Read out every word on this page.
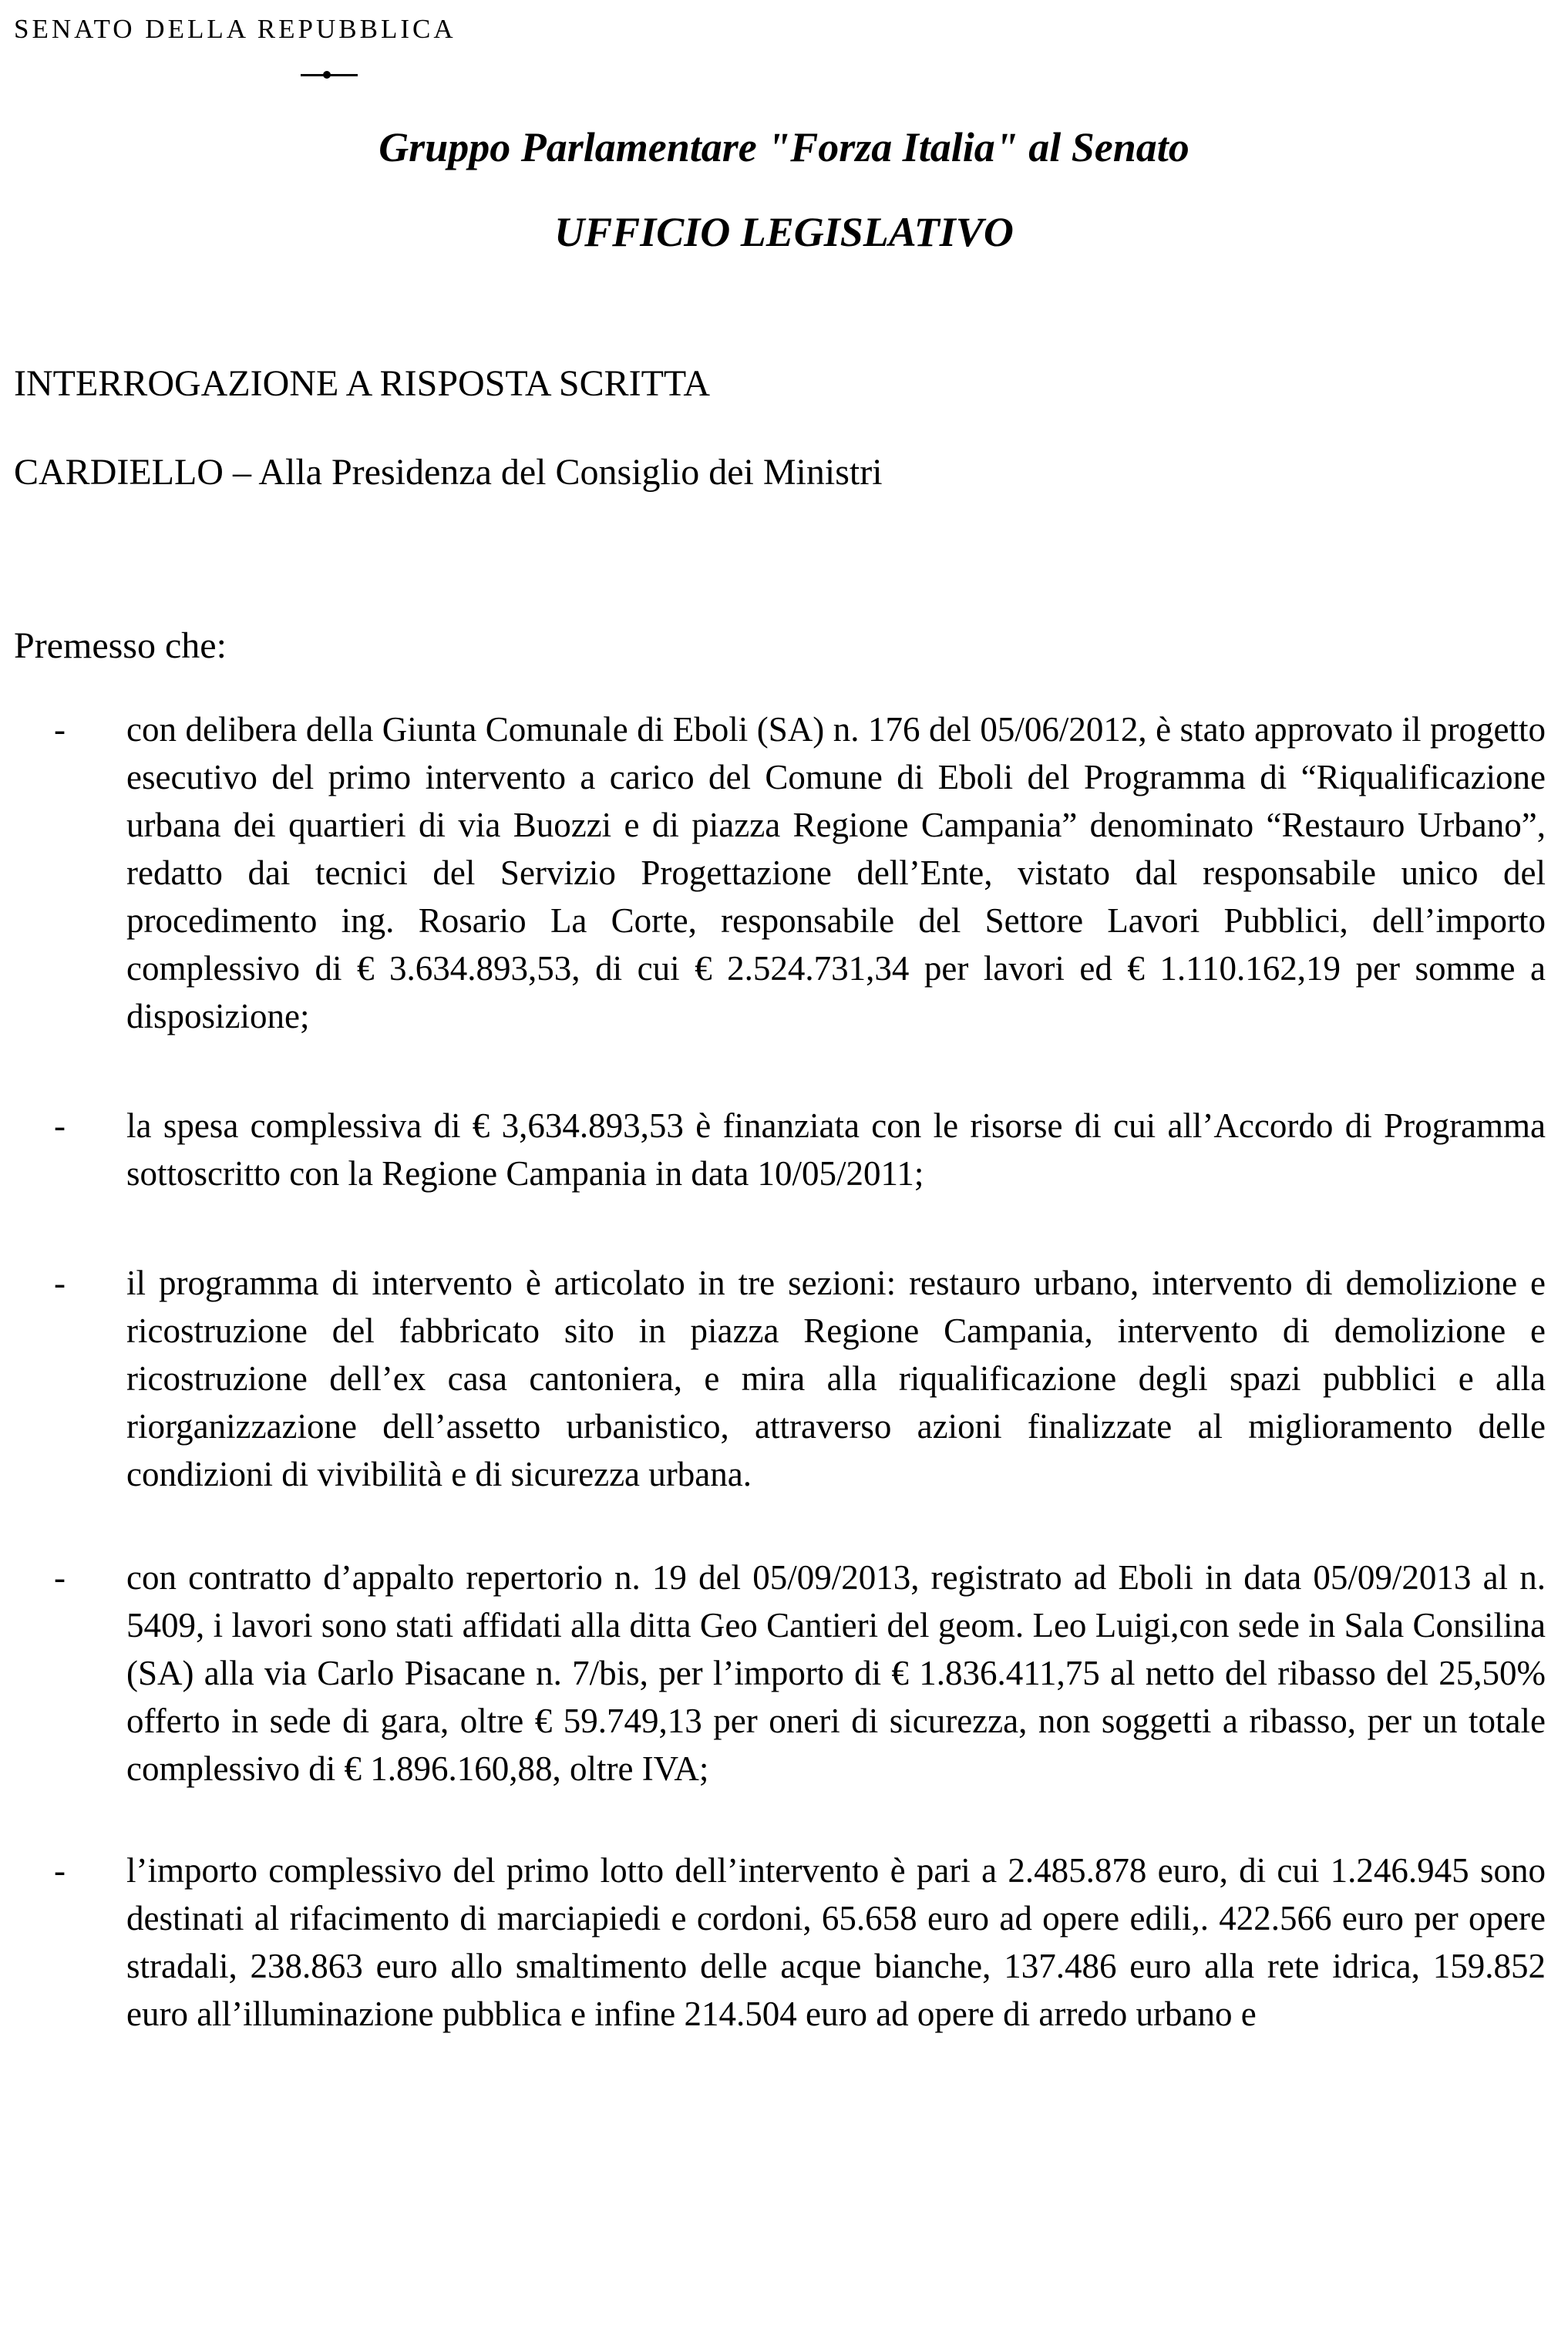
SENATO DELLA REPUBBLICA
Gruppo Parlamentare "Forza Italia" al Senato
UFFICIO LEGISLATIVO
INTERROGAZIONE A RISPOSTA SCRITTA
CARDIELLO – Alla Presidenza del Consiglio dei Ministri
Premesso che:
-	con delibera della Giunta Comunale di Eboli (SA) n. 176 del 05/06/2012, è stato approvato il progetto esecutivo del primo intervento a carico del Comune di Eboli del Programma di “Riqualificazione urbana dei quartieri di via Buozzi e di piazza Regione Campania” denominato “Restauro Urbano”, redatto dai tecnici del Servizio Progettazione dell’Ente, vistato dal responsabile unico del procedimento ing. Rosario La Corte, responsabile del Settore Lavori Pubblici, dell’importo complessivo di € 3.634.893,53, di cui € 2.524.731,34 per lavori ed € 1.110.162,19 per somme a disposizione;
-	la spesa complessiva di € 3,634.893,53 è finanziata con le risorse di cui all’Accordo di Programma sottoscritto con la Regione Campania in data 10/05/2011;
-	il programma di intervento è articolato in tre sezioni: restauro urbano, intervento di demolizione e ricostruzione del fabbricato sito in piazza Regione Campania, intervento di demolizione e ricostruzione dell’ex casa cantoniera, e mira alla riqualificazione degli spazi pubblici e alla riorganizzazione dell’assetto urbanistico, attraverso azioni finalizzate al miglioramento delle condizioni di vivibilità e di sicurezza urbana.
-	con contratto d’appalto repertorio n. 19 del 05/09/2013, registrato ad Eboli in data 05/09/2013 al n. 5409, i lavori sono stati affidati alla ditta Geo Cantieri del geom. Leo Luigi,con sede in Sala Consilina (SA) alla via Carlo Pisacane n. 7/bis, per l’importo di € 1.836.411,75 al netto del ribasso del 25,50% offerto in sede di gara, oltre € 59.749,13 per oneri di sicurezza, non soggetti a ribasso, per un totale complessivo di € 1.896.160,88, oltre IVA;
-	l’importo complessivo del primo lotto dell’intervento è pari a 2.485.878 euro, di cui 1.246.945 sono destinati al rifacimento di marciapiedi e cordoni, 65.658 euro ad opere edili,. 422.566 euro per opere stradali, 238.863 euro allo smaltimento delle acque bianche, 137.486 euro alla rete idrica, 159.852 euro all’illuminazione pubblica e infine 214.504 euro ad opere di arredo urbano e
